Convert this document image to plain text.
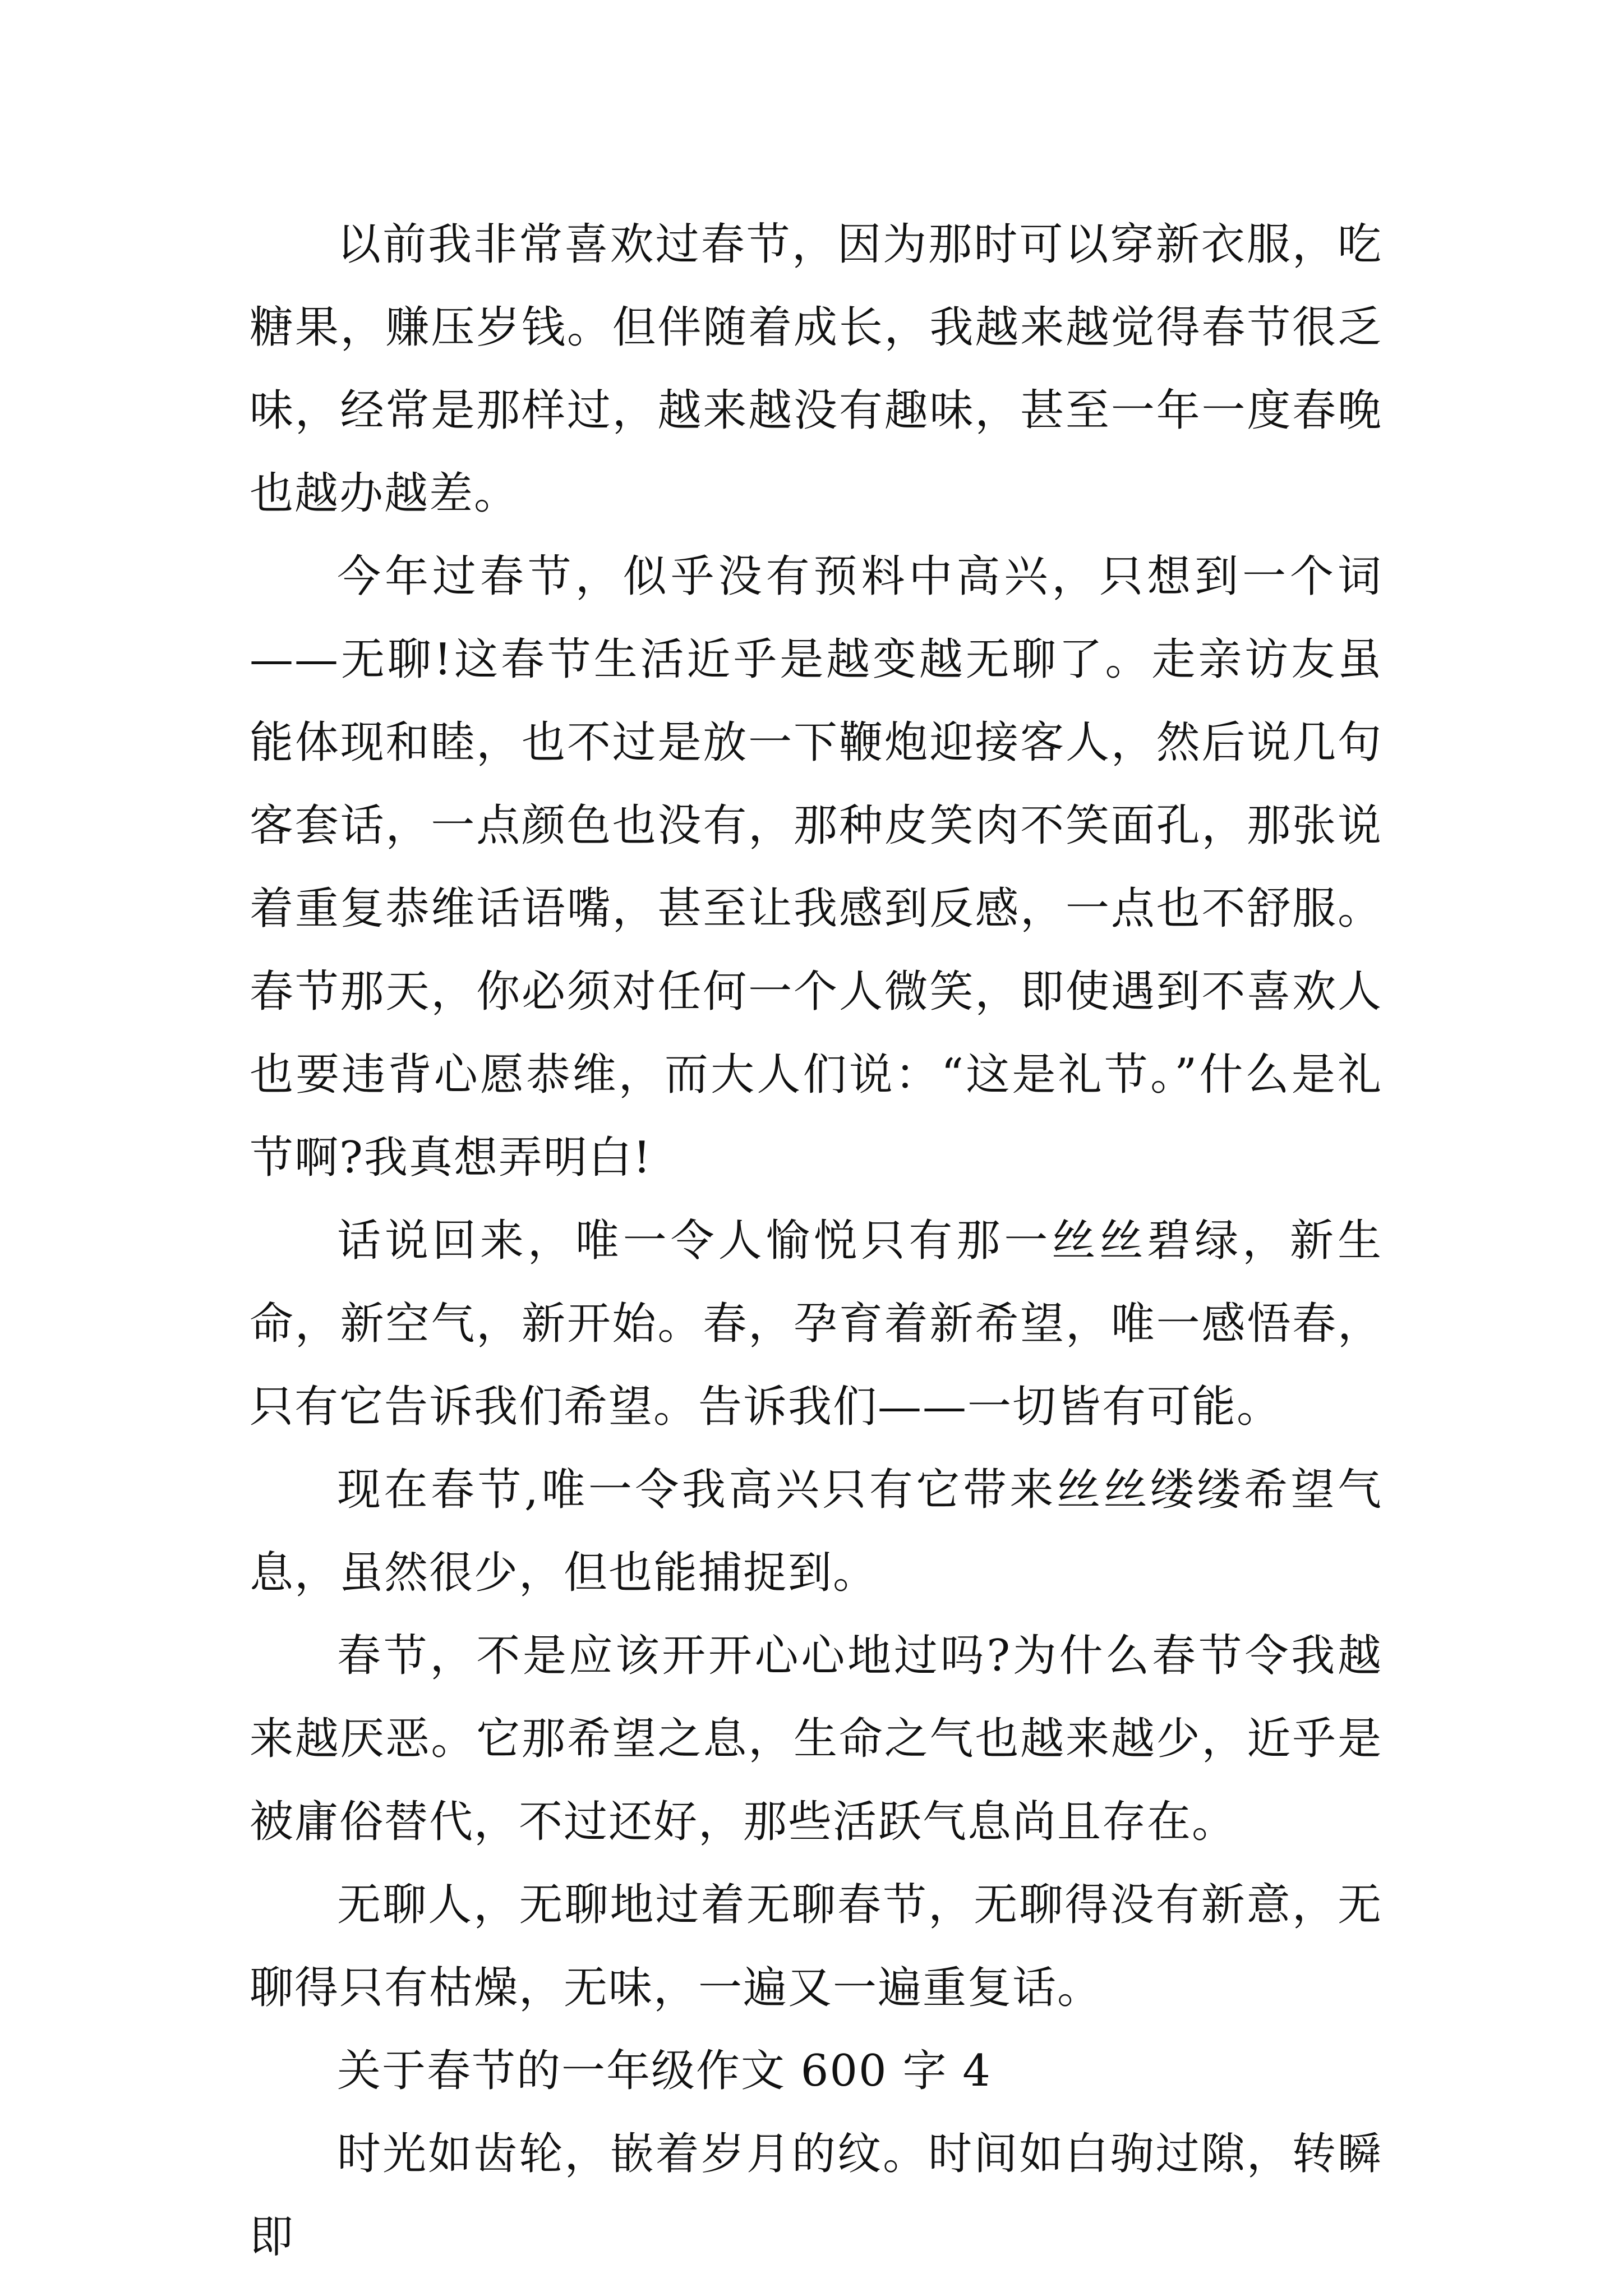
以前我非常喜欢过春节，因为那时可以穿新衣服，吃糖果，赚压岁钱。但伴随着成长，我越来越觉得春节很乏味，经常是那样过，越来越没有趣味，甚至一年一度春晚也越办越差。

今年过春节，似乎没有预料中高兴，只想到一个词——无聊!这春节生活近乎是越变越无聊了。走亲访友虽能体现和睦，也不过是放一下鞭炮迎接客人，然后说几句客套话，一点颜色也没有，那种皮笑肉不笑面孔，那张说着重复恭维话语嘴，甚至让我感到反感，一点也不舒服。春节那天，你必须对任何一个人微笑，即使遇到不喜欢人也要违背心愿恭维，而大人们说：“这是礼节。”什么是礼节啊?我真想弄明白!

话说回来，唯一令人愉悦只有那一丝丝碧绿，新生命，新空气，新开始。春，孕育着新希望，唯一感悟春，只有它告诉我们希望。告诉我们——一切皆有可能。

现在春节,唯一令我高兴只有它带来丝丝缕缕希望气息，虽然很少，但也能捕捉到。

春节，不是应该开开心心地过吗?为什么春节令我越来越厌恶。它那希望之息，生命之气也越来越少，近乎是被庸俗替代，不过还好，那些活跃气息尚且存在。

无聊人，无聊地过着无聊春节，无聊得没有新意，无聊得只有枯燥，无味，一遍又一遍重复话。

关于春节的一年级作文 600 字 4

时光如齿轮，嵌着岁月的纹。时间如白驹过隙，转瞬即
